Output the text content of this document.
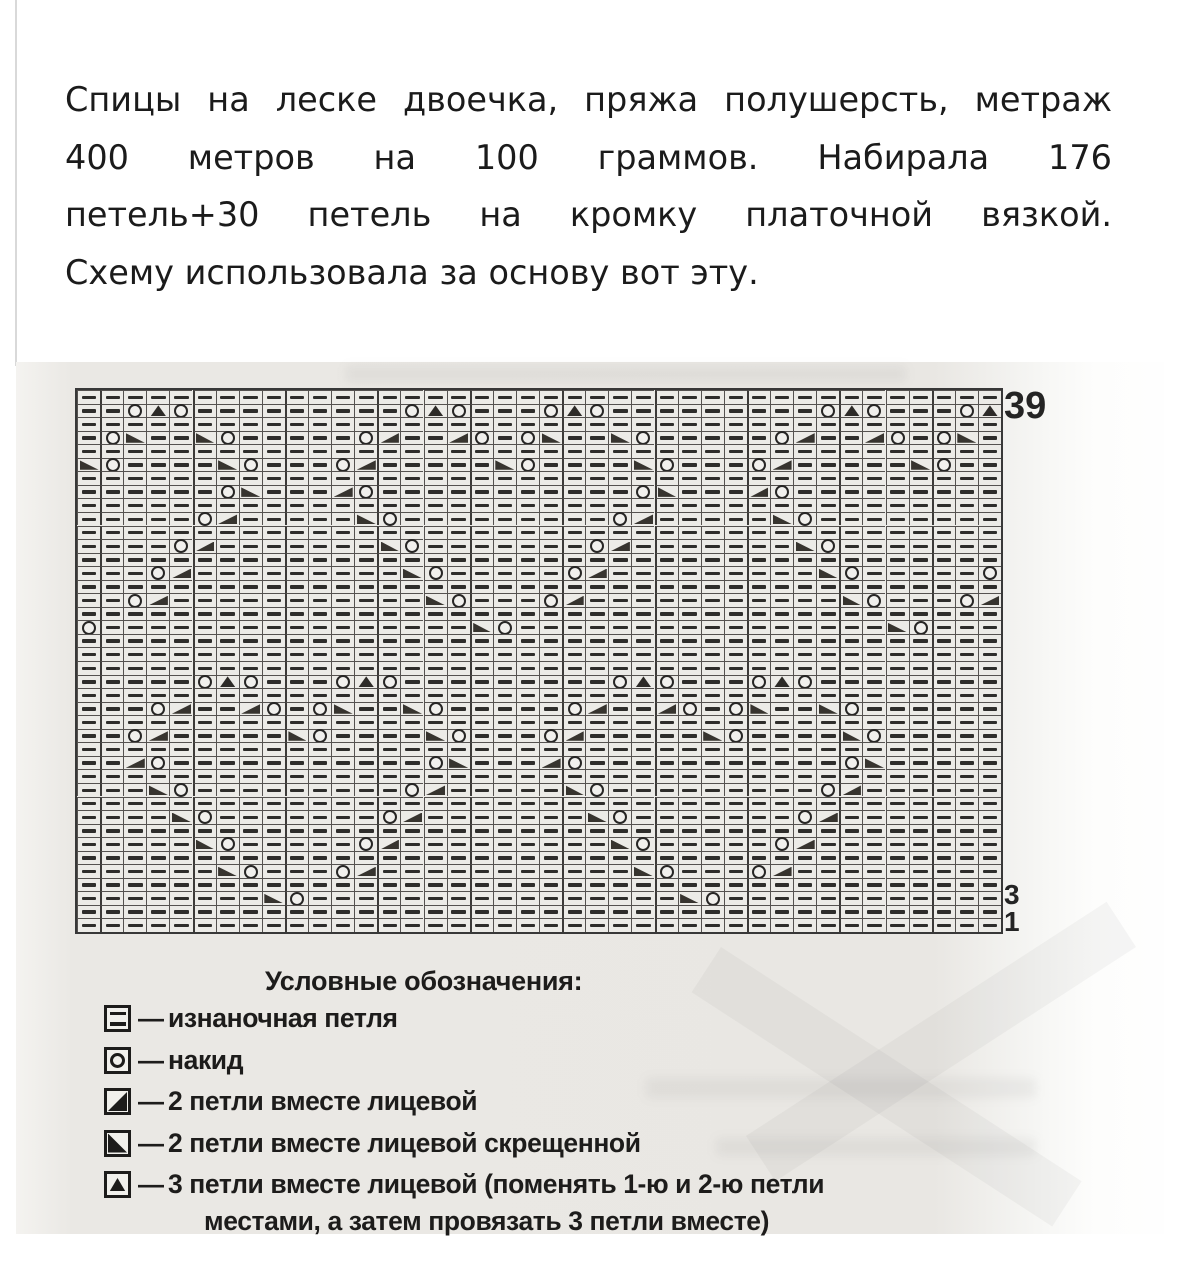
Спицы на леске двоечка, пряжа полушерсть, метраж
400 метров на 100 граммов. Набирала 176
петель+30 петель на кромку платочной вязкой.
Схему использовала за основу вот эту.
39
3
1
Условные обозначения:
— изнаночная петля
— накид
— 2 петли вместе лицевой
— 2 петли вместе лицевой скрещенной
— 3 петли вместе лицевой (поменять 1-ю и 2-ю петли
местами, а затем провязать 3 петли вместе)
